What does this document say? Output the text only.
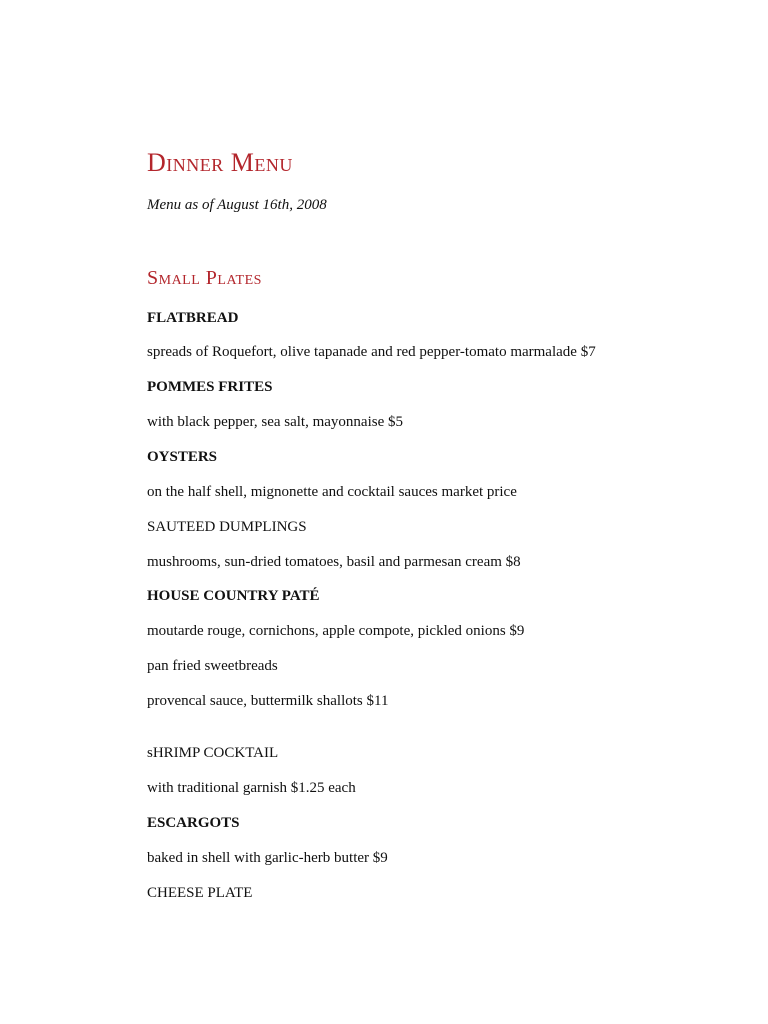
Dinner Menu
Menu as of August 16th, 2008
Small Plates
FLATBREAD
spreads of Roquefort, olive tapanade and red pepper-tomato marmalade $7
POMMES FRITES
with black pepper, sea salt, mayonnaise $5
OYSTERS
on the half shell, mignonette and cocktail sauces market price
SAUTEED DUMPLINGS
mushrooms, sun-dried tomatoes, basil and parmesan cream $8
HOUSE COUNTRY PATÉ
moutarde rouge, cornichons, apple compote, pickled onions $9
pan fried sweetbreads
provencal sauce, buttermilk shallots $11
sHRIMP COCKTAIL
with traditional garnish $1.25 each
ESCARGOTS
baked in shell with garlic-herb butter $9
CHEESE PLATE
